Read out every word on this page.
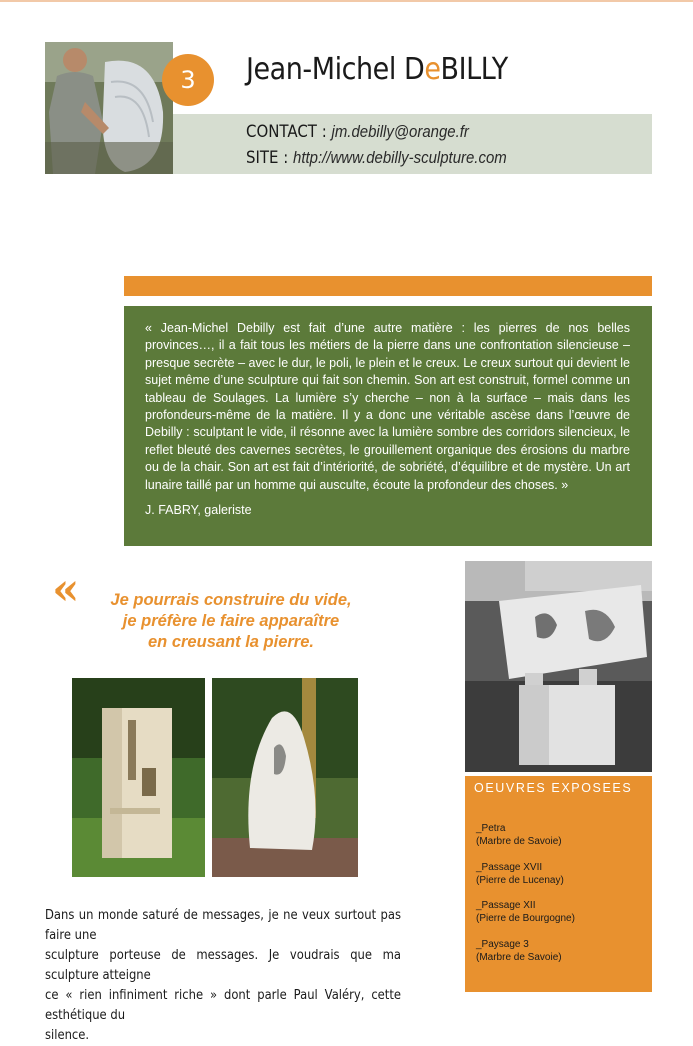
3	Jean-Michel DeBILLY
CONTACT : jm.debilly@orange.fr
SITE : http://www.debilly-sculpture.com

« Jean-Michel Debilly est fait d’une autre matière : les pierres de nos belles provinces…, il a fait tous les métiers de la pierre dans une confrontation silencieuse – presque secrète – avec le dur, le poli, le plein et le creux. Le creux surtout qui devient le sujet même d’une sculpture qui fait son chemin. Son art est construit, formel comme un tableau de Soulages. La lumière s’y cherche – non à la surface – mais dans les profondeurs-même de la matière. Il y a donc une véritable ascèse dans l’œuvre de Debilly : sculptant le vide, il résonne avec la lumière sombre des corridors silencieux, le reflet bleuté des cavernes secrètes, le grouillement organique des érosions du marbre ou de la chair. Son art est fait d’intériorité, de sobriété, d’équilibre et de mystère. Un art lunaire taillé par un homme qui ausculte, écoute la profondeur des choses. »

J. FABRY, galeriste
«	Je pourrais construire du vide,
je préfère le faire apparaître
en creusant la pierre.
OEUVRES EXPOSEES
_Petra
(Marbre de Savoie)
_Passage XVII
(Pierre de Lucenay)
_Passage XII
(Pierre de Bourgogne)
_Paysage 3
(Marbre de Savoie)
Dans un monde saturé de messages, je ne veux surtout pas faire une
sculpture porteuse de messages. Je voudrais que ma sculpture atteigne
ce « rien infiniment riche » dont parle Paul Valéry, cette esthétique du
silence.
